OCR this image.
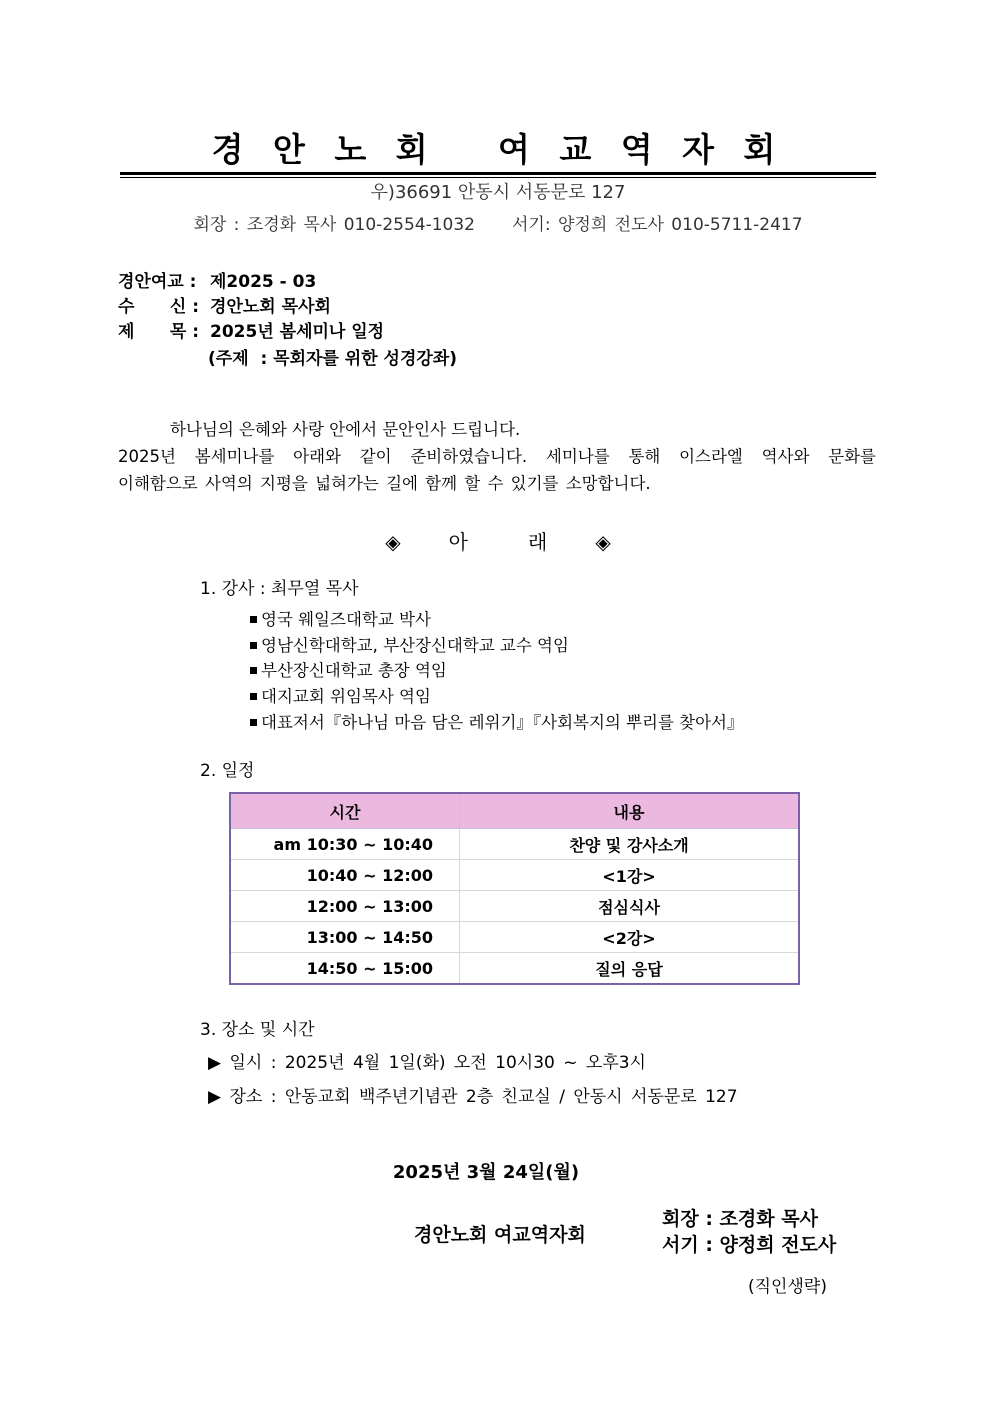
경 안 노 회   여 교 역 자 회
우)36691 안동시 서동문로 127
회장 : 조경화 목사 010-2554-1032     서기: 양정희 전도사 010-5711-2417
경안여교 : 제2025 - 03
수      신 : 경안노회 목사회
제      목 : 2025년 봄세미나 일정
(주제  : 목회자를 위한 성경강좌)
하나님의 은혜와 사랑 안에서 문안인사 드립니다.
2025년 봄세미나를 아래와 같이 준비하였습니다. 세미나를 통해 이스라엘 역사와 문화를
이해함으로 사역의 지평을 넓혀가는 길에 함께 할 수 있기를 소망합니다.
◈ 아	래 ◈
1. 강사 : 최무열 목사
영국 웨일즈대학교 박사
영남신학대학교, 부산장신대학교 교수 역임
부산장신대학교 총장 역임
대지교회 위임목사 역임
대표저서『하나님 마음 담은 레위기』『사회복지의 뿌리를 찾아서』
2. 일정
시간	내용
am 10:30 ~ 10:40	찬양 및 강사소개
10:40 ~ 12:00	<1강>
12:00 ~ 13:00	점심식사
13:00 ~ 14:50	<2강>
14:50 ~ 15:00	질의 응답
3. 장소 및 시간
▶ 일시 : 2025년 4월 1일(화) 오전 10시30 ~ 오후3시
▶ 장소 : 안동교회 백주년기념관 2층 친교실 / 안동시 서동문로 127
2025년 3월 24일(월)
경안노회 여교역자회
회장 : 조경화 목사
서기 : 양정희 전도사
(직인생략)
